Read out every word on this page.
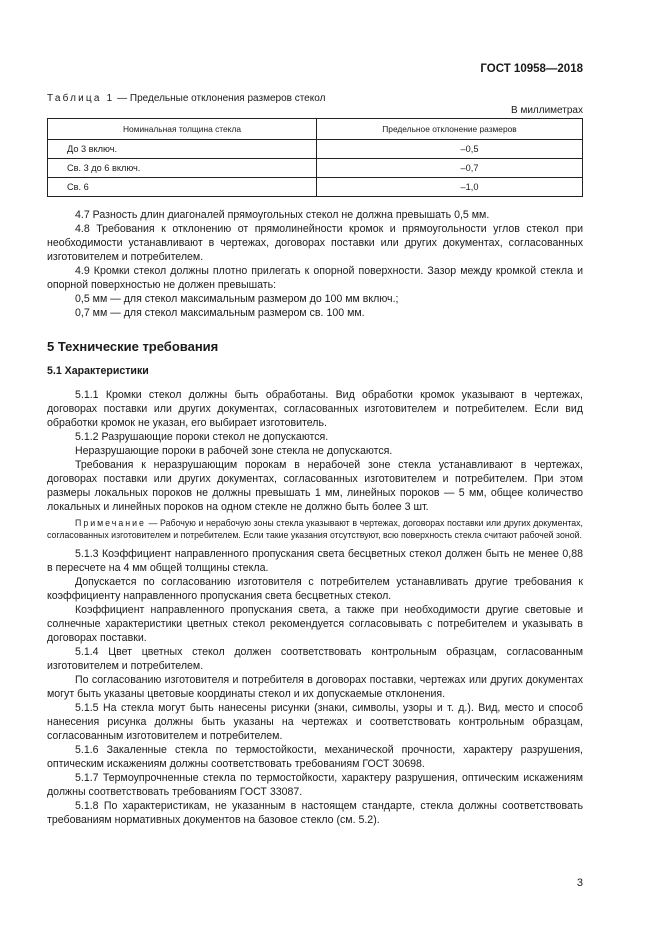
ГОСТ 10958—2018
Таблица 1 — Предельные отклонения размеров стекол
В миллиметрах
Номинальная толщина стекла	Предельное отклонение размеров
До 3 включ.	–0,5
Св. 3 до 6 включ.	–0,7
Св. 6	–1,0

4.7 Разность длин диагоналей прямоугольных стекол не должна превышать 0,5 мм.

4.8 Требования к отклонению от прямолинейности кромок и прямоугольности углов стекол при необходимости устанавливают в чертежах, договорах поставки или других документах, согласованных изготовителем и потребителем.

4.9 Кромки стекол должны плотно прилегать к опорной поверхности. Зазор между кромкой стекла и опорной поверхностью не должен превышать:

0,5 мм — для стекол максимальным размером до 100 мм включ.;

0,7 мм — для стекол максимальным размером св. 100 мм.

5 Технические требования

5.1 Характеристики

5.1.1 Кромки стекол должны быть обработаны. Вид обработки кромок указывают в чертежах, договорах поставки или других документах, согласованных изготовителем и потребителем. Если вид обработки кромок не указан, его выбирает изготовитель.

5.1.2 Разрушающие пороки стекол не допускаются.

Неразрушающие пороки в рабочей зоне стекла не допускаются.

Требования к неразрушающим порокам в нерабочей зоне стекла устанавливают в чертежах, договорах поставки или других документах, согласованных изготовителем и потребителем. При этом размеры локальных пороков не должны превышать 1 мм, линейных пороков — 5 мм, общее количество локальных и линейных пороков на одном стекле не должно быть более 3 шт.

Примечание — Рабочую и нерабочую зоны стекла указывают в чертежах, договорах поставки или других документах, согласованных изготовителем и потребителем. Если такие указания отсутствуют, всю поверхность стекла считают рабочей зоной.

5.1.3 Коэффициент направленного пропускания света бесцветных стекол должен быть не менее 0,88 в пересчете на 4 мм общей толщины стекла.

Допускается по согласованию изготовителя с потребителем устанавливать другие требования к коэффициенту направленного пропускания света бесцветных стекол.

Коэффициент направленного пропускания света, а также при необходимости другие световые и солнечные характеристики цветных стекол рекомендуется согласовывать с потребителем и указывать в договорах поставки.

5.1.4 Цвет цветных стекол должен соответствовать контрольным образцам, согласованным изготовителем и потребителем.

По согласованию изготовителя и потребителя в договорах поставки, чертежах или других документах могут быть указаны цветовые координаты стекол и их допускаемые отклонения.

5.1.5 На стекла могут быть нанесены рисунки (знаки, символы, узоры и т. д.). Вид, место и способ нанесения рисунка должны быть указаны на чертежах и соответствовать контрольным образцам, согласованным изготовителем и потребителем.

5.1.6 Закаленные стекла по термостойкости, механической прочности, характеру разрушения, оптическим искажениям должны соответствовать требованиям ГОСТ 30698.

5.1.7 Термоупрочненные стекла по термостойкости, характеру разрушения, оптическим искажениям должны соответствовать требованиям ГОСТ 33087.

5.1.8 По характеристикам, не указанным в настоящем стандарте, стекла должны соответствовать требованиям нормативных документов на базовое стекло (см. 5.2).

3
